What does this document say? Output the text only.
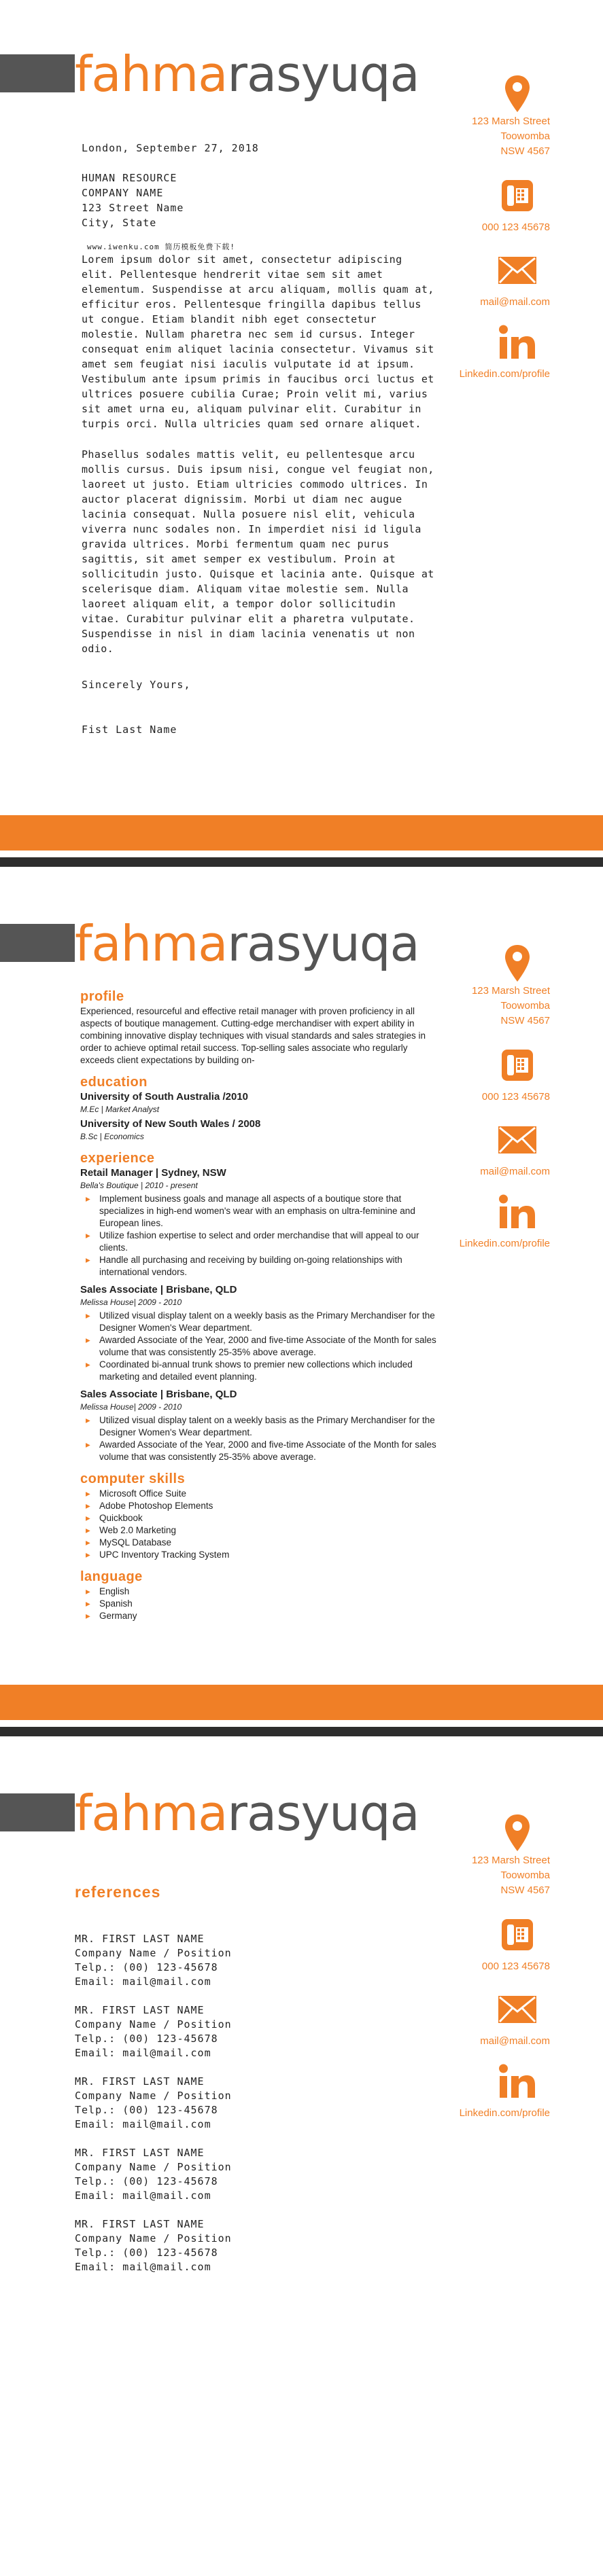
fahmarasyuqa
123 Marsh Street
Toowomba
NSW 4567
000 123 45678
mail@mail.com
Linkedin.com/profile
London, September 27, 2018
HUMAN RESOURCE
COMPANY NAME
123 Street Name
City, State
www.iwenku.com 简历模板免费下载!

Lorem ipsum dolor sit amet, consectetur adipiscing elit. Pellentesque hendrerit vitae sem sit amet elementum. Suspendisse at arcu aliquam, mollis quam at, efficitur eros. Pellentesque fringilla dapibus tellus ut congue. Etiam blandit nibh eget consectetur molestie. Nullam pharetra nec sem id cursus. Integer consequat enim aliquet lacinia consectetur. Vivamus sit amet sem feugiat nisi iaculis vulputate id at ipsum. Vestibulum ante ipsum primis in faucibus orci luctus et ultrices posuere cubilia Curae; Proin velit mi, varius sit amet urna eu, aliquam pulvinar elit. Curabitur in turpis orci. Nulla ultricies quam sed ornare aliquet.

Phasellus sodales mattis velit, eu pellentesque arcu mollis cursus. Duis ipsum nisi, congue vel feugiat non, laoreet ut justo. Etiam ultricies commodo ultrices. In auctor placerat dignissim. Morbi ut diam nec augue lacinia consequat. Nulla posuere nisl elit, vehicula viverra nunc sodales non. In imperdiet nisi id ligula gravida ultrices. Morbi fermentum quam nec purus sagittis, sit amet semper ex vestibulum. Proin at sollicitudin justo. Quisque et lacinia ante. Quisque at scelerisque diam. Aliquam vitae molestie sem. Nulla laoreet aliquam elit, a tempor dolor sollicitudin vitae. Curabitur pulvinar elit a pharetra vulputate. Suspendisse in nisl in diam lacinia venenatis ut non odio.

Sincerely Yours,
Fist Last Name
fahmarasyuqa
123 Marsh Street
Toowomba
NSW 4567
000 123 45678
mail@mail.com
Linkedin.com/profile
profile

Experienced, resourceful and effective retail manager with proven proficiency in all aspects of boutique management. Cutting-edge merchandiser with expert ability in combining innovative display techniques with visual standards and sales strategies in order to achieve optimal retail success. Top-selling sales associate who regularly exceeds client expectations by building on-

education
University of South Australia /2010
M.Ec | Market Analyst
University of New South Wales / 2008
B.Sc | Economics
experience
Retail Manager | Sydney, NSW
Bella's Boutique | 2010 - present
▸ Implement business goals and manage all aspects of a boutique store that specializes in high-end women's wear with an emphasis on ultra-feminine and European lines.
▸ Utilize fashion expertise to select and order merchandise that will appeal to our clients.
▸ Handle all purchasing and receiving by building on-going relationships with international vendors.
Sales Associate | Brisbane, QLD
Melissa House| 2009 - 2010
▸ Utilized visual display talent on a weekly basis as the Primary Merchandiser for the Designer Women's Wear department.
▸ Awarded Associate of the Year, 2000 and five-time Associate of the Month for sales volume that was consistently 25-35% above average.
▸ Coordinated bi-annual trunk shows to premier new collections which included marketing and detailed event planning.
Sales Associate | Brisbane, QLD
Melissa House| 2009 - 2010
▸ Utilized visual display talent on a weekly basis as the Primary Merchandiser for the Designer Women's Wear department.
▸ Awarded Associate of the Year, 2000 and five-time Associate of the Month for sales volume that was consistently 25-35% above average.
computer skills
▸ Microsoft Office Suite
▸ Adobe Photoshop Elements
▸ Quickbook
▸ Web 2.0 Marketing
▸ MySQL Database
▸ UPC Inventory Tracking System
language
▸ English
▸ Spanish
▸ Germany
fahmarasyuqa
123 Marsh Street
Toowomba
NSW 4567
000 123 45678
mail@mail.com
Linkedin.com/profile
references
MR. FIRST LAST NAME
Company Name / Position
Telp.: (00) 123-45678
Email: mail@mail.com
MR. FIRST LAST NAME
Company Name / Position
Telp.: (00) 123-45678
Email: mail@mail.com
MR. FIRST LAST NAME
Company Name / Position
Telp.: (00) 123-45678
Email: mail@mail.com
MR. FIRST LAST NAME
Company Name / Position
Telp.: (00) 123-45678
Email: mail@mail.com
MR. FIRST LAST NAME
Company Name / Position
Telp.: (00) 123-45678
Email: mail@mail.com
